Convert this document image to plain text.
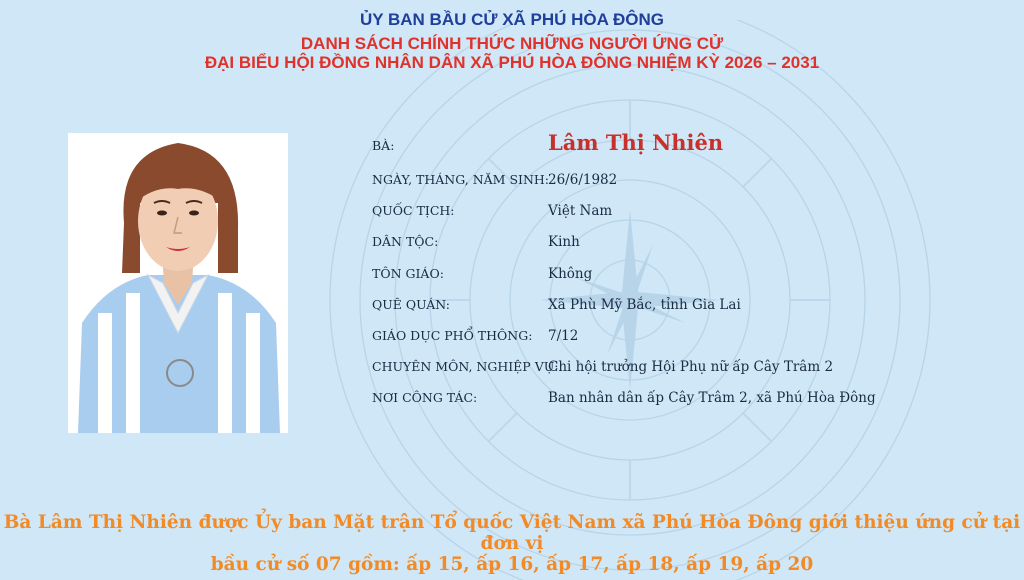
ỦY BAN BẦU CỬ XÃ PHÚ HÒA ĐÔNG
DANH SÁCH CHÍNH THỨC NHỮNG NGƯỜI ỨNG CỬ
ĐẠI BIỂU HỘI ĐỒNG NHÂN DÂN XÃ PHÚ HÒA ĐÔNG NHIỆM KỲ 2026 – 2031
BÀ:	Lâm Thị Nhiên
NGÀY, THÁNG, NĂM SINH:
26/6/1982
QUỐC TỊCH:	Việt Nam
DÂN TỘC:	Kinh
TÔN GIÁO:	Không
QUÊ QUÁN:	Xã Phù Mỹ Bắc, tỉnh Gia Lai
GIÁO DỤC PHỔ THÔNG: 7/12
CHUYÊN MÔN, NGHIỆP VỤ:
Chi hội trưởng Hội Phụ nữ ấp Cây Trâm 2
NƠI CÔNG TÁC:	Ban nhân dân ấp Cây Trâm 2, xã Phú Hòa Đông
Bà Lâm Thị Nhiên được Ủy ban Mặt trận Tổ quốc Việt Nam xã Phú Hòa Đông giới thiệu ứng cử tại đơn vị
bầu cử số 07 gồm: ấp 15, ấp 16, ấp 17, ấp 18, ấp 19, ấp 20
